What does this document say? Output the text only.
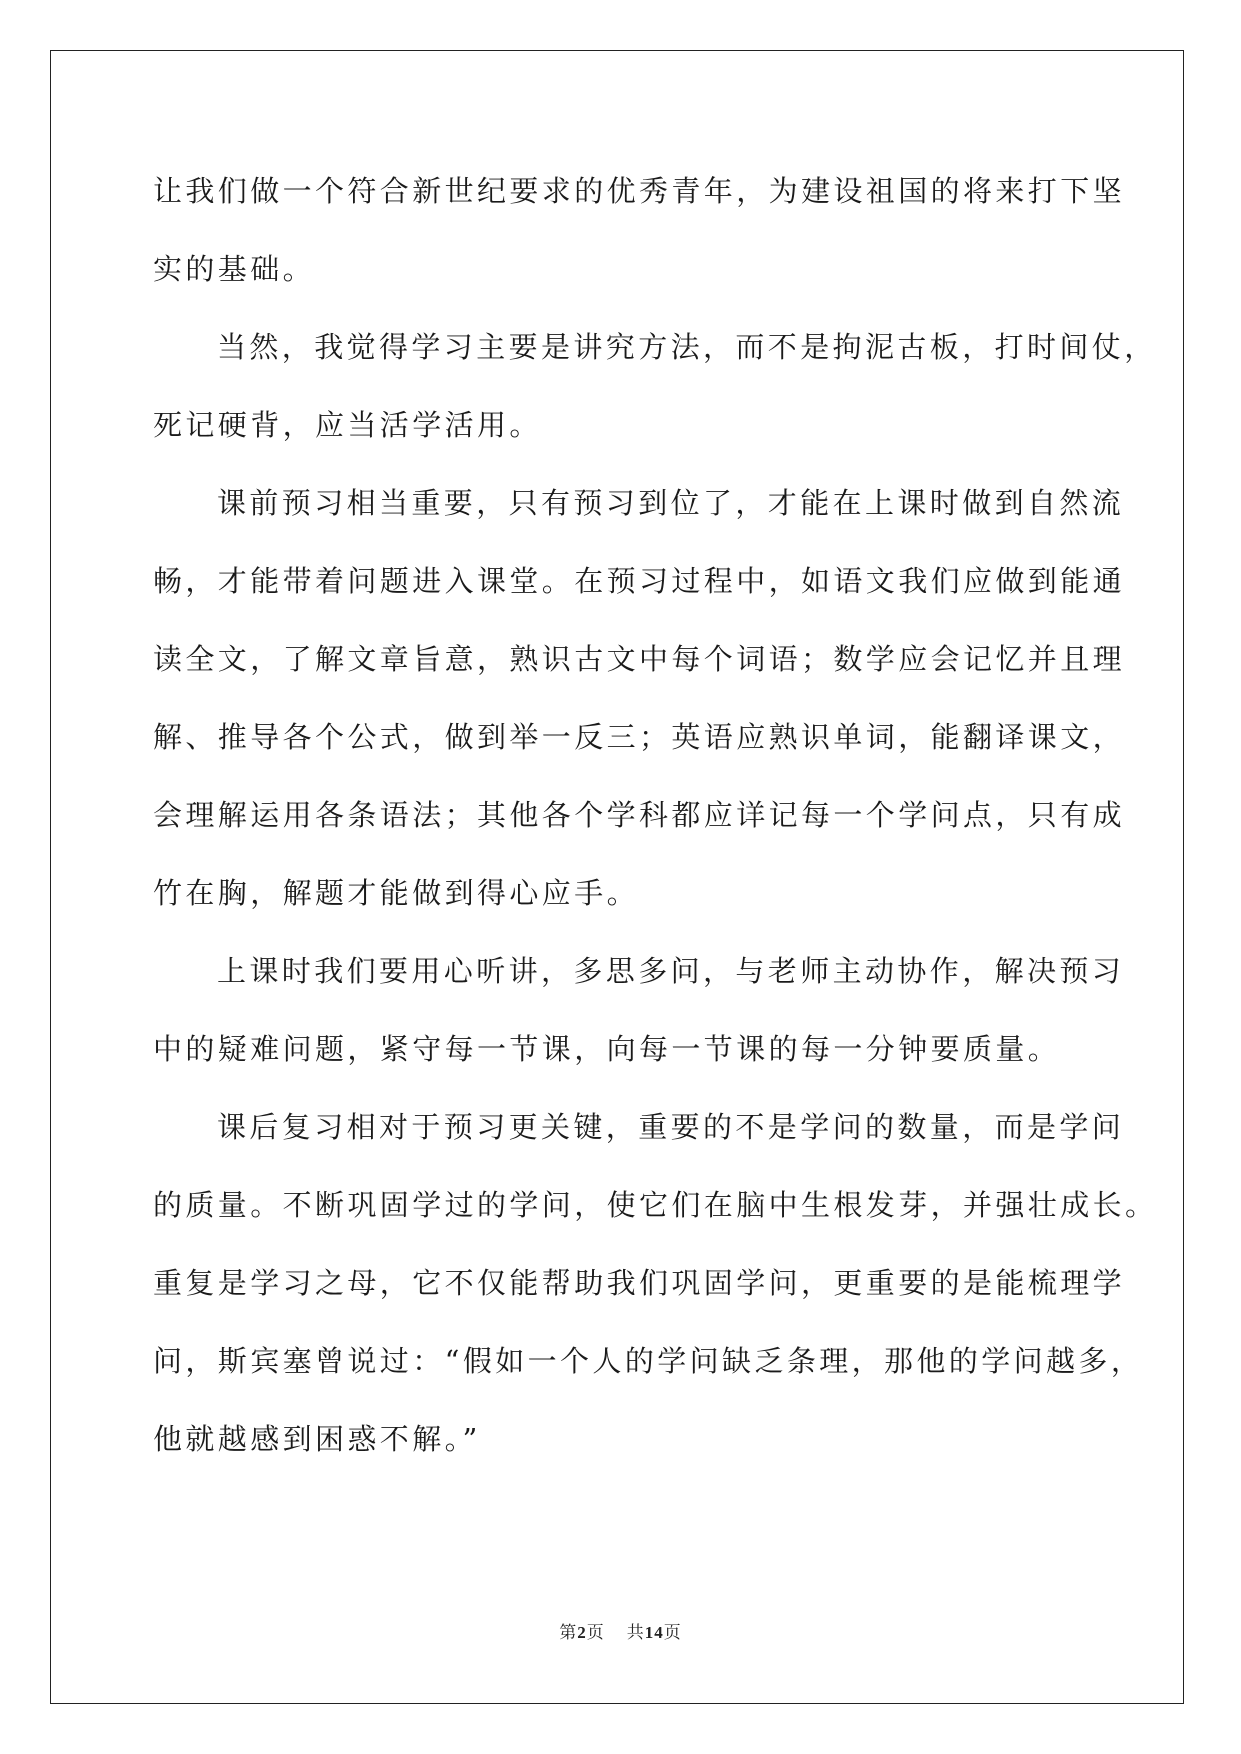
让我们做一个符合新世纪要求的优秀青年，为建设祖国的将来打下坚

实的基础。

当然，我觉得学习主要是讲究方法，而不是拘泥古板，打时间仗，

死记硬背，应当活学活用。

课前预习相当重要，只有预习到位了，才能在上课时做到自然流

畅，才能带着问题进入课堂。在预习过程中，如语文我们应做到能通

读全文，了解文章旨意，熟识古文中每个词语；数学应会记忆并且理

解、推导各个公式，做到举一反三；英语应熟识单词，能翻译课文，

会理解运用各条语法；其他各个学科都应详记每一个学问点，只有成

竹在胸，解题才能做到得心应手。

上课时我们要用心听讲，多思多问，与老师主动协作，解决预习

中的疑难问题，紧守每一节课，向每一节课的每一分钟要质量。

课后复习相对于预习更关键，重要的不是学问的数量，而是学问

的质量。不断巩固学过的学问，使它们在脑中生根发芽，并强壮成长。

重复是学习之母，它不仅能帮助我们巩固学问，更重要的是能梳理学

问，斯宾塞曾说过：“假如一个人的学问缺乏条理，那他的学问越多，

他就越感到困惑不解。”

第2页 共14页
